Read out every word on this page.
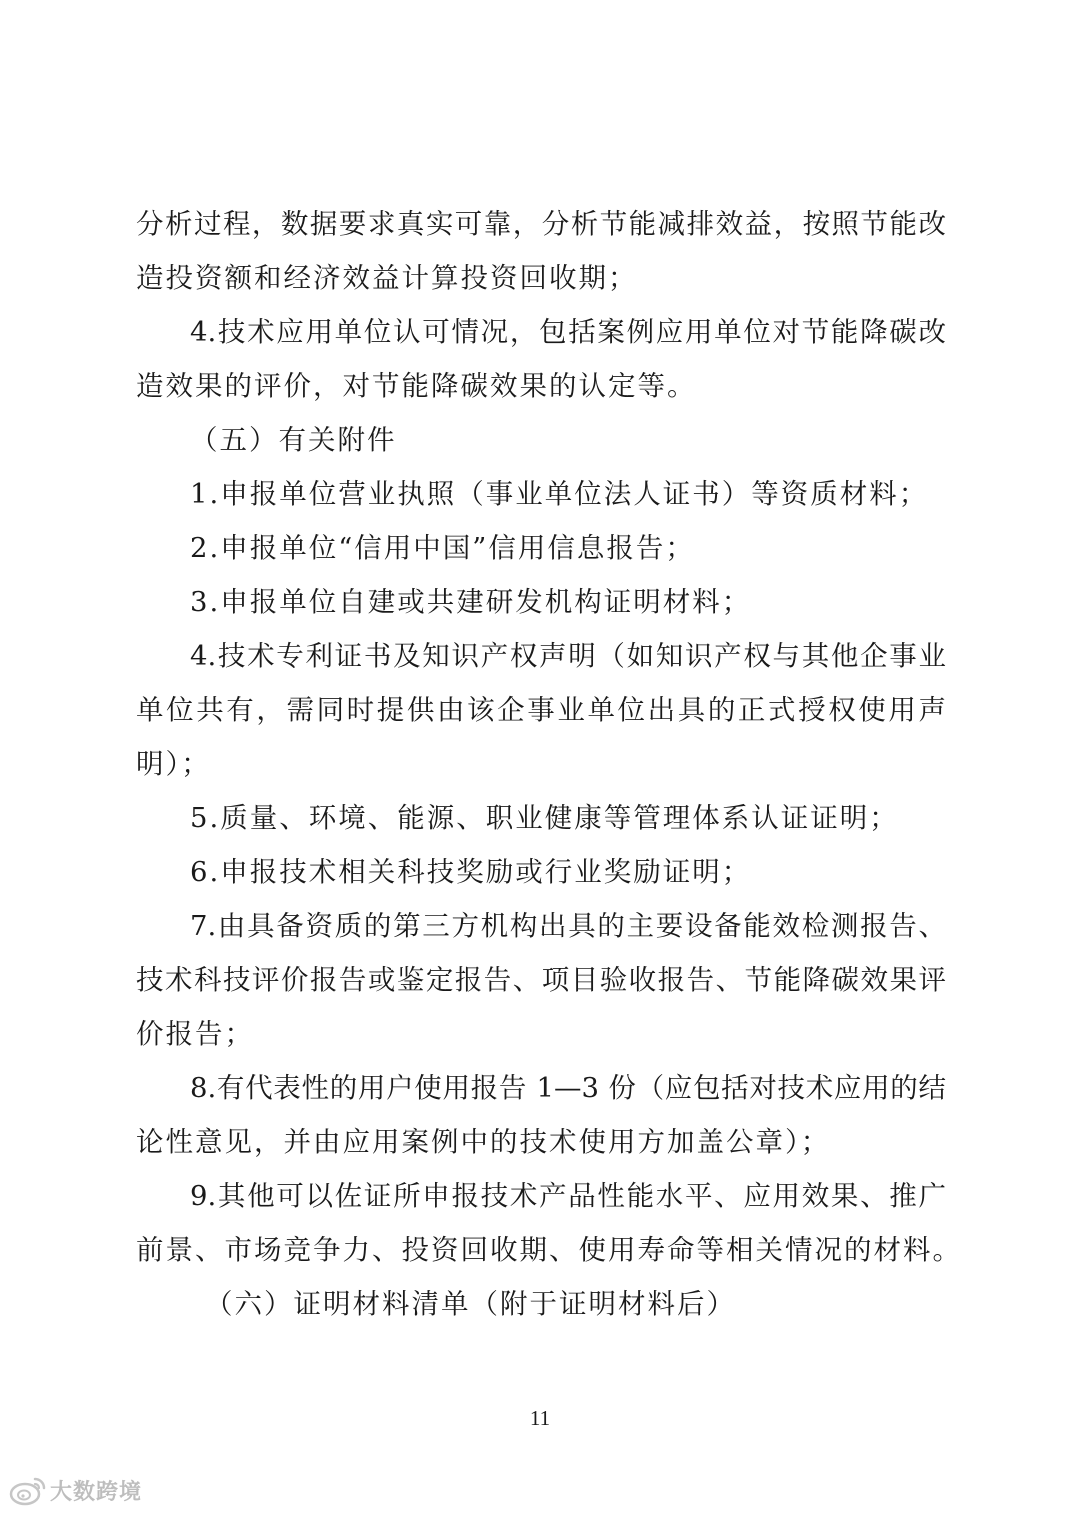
分析过程，数据要求真实可靠，分析节能减排效益，按照节能改
造投资额和经济效益计算投资回收期；
4.技术应用单位认可情况，包括案例应用单位对节能降碳改
造效果的评价，对节能降碳效果的认定等。
（五）有关附件
1.申报单位营业执照（事业单位法人证书）等资质材料；
2.申报单位“信用中国”信用信息报告；
3.申报单位自建或共建研发机构证明材料；
4.技术专利证书及知识产权声明（如知识产权与其他企事业
单位共有，需同时提供由该企事业单位出具的正式授权使用声
明）；
5.质量、环境、能源、职业健康等管理体系认证证明；
6.申报技术相关科技奖励或行业奖励证明；
7.由具备资质的第三方机构出具的主要设备能效检测报告、
技术科技评价报告或鉴定报告、项目验收报告、节能降碳效果评
价报告；
8.有代表性的用户使用报告 1—3 份（应包括对技术应用的结
论性意见，并由应用案例中的技术使用方加盖公章）；
9.其他可以佐证所申报技术产品性能水平、应用效果、推广
前景、市场竞争力、投资回收期、使用寿命等相关情况的材料。
（六）证明材料清单（附于证明材料后）
11
大数跨境
